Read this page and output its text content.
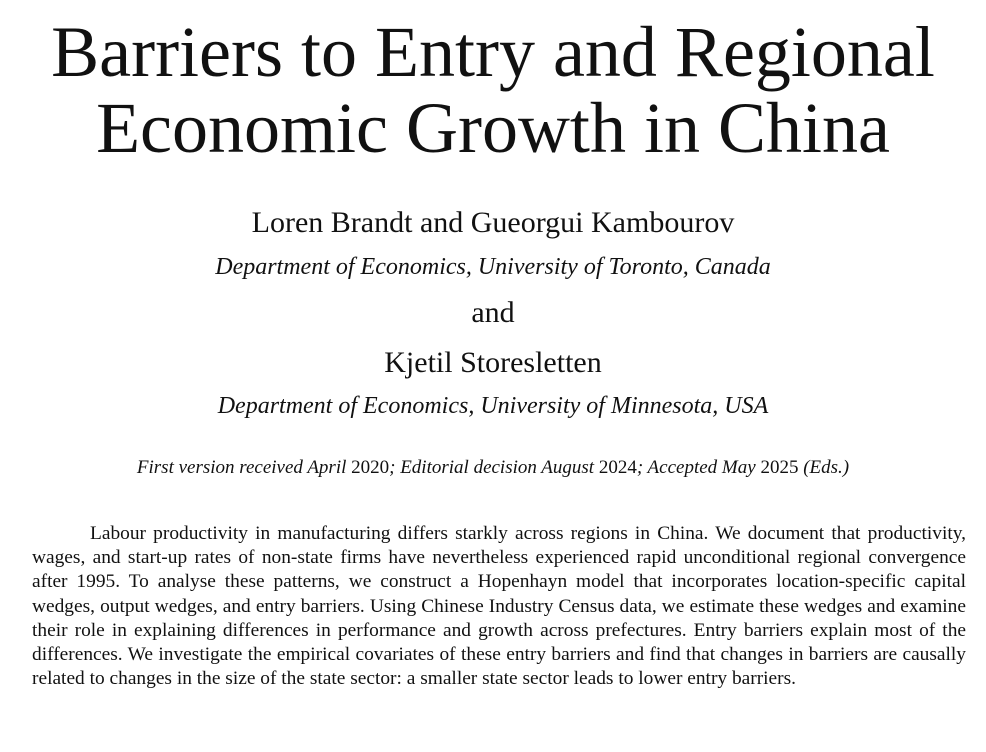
Barriers to Entry and Regional
Economic Growth in China

Loren Brandt and Gueorgui Kambourov

Department of Economics, University of Toronto, Canada

and

Kjetil Storesletten

Department of Economics, University of Minnesota, USA

First version received April 2020; Editorial decision August 2024; Accepted May 2025 (Eds.)

Labour productivity in manufacturing differs starkly across regions in China. We document that productivity, wages, and start-up rates of non-state firms have nevertheless experienced rapid unconditional regional convergence after 1995. To analyse these patterns, we construct a Hopenhayn model that incorporates location-specific capital wedges, output wedges, and entry barriers. Using Chinese Industry Census data, we estimate these wedges and examine their role in explaining differences in performance and growth across prefectures. Entry barriers explain most of the differences. We investigate the empirical covariates of these entry barriers and find that changes in barriers are causally related to changes in the size of the state sector: a smaller state sector leads to lower entry barriers.
